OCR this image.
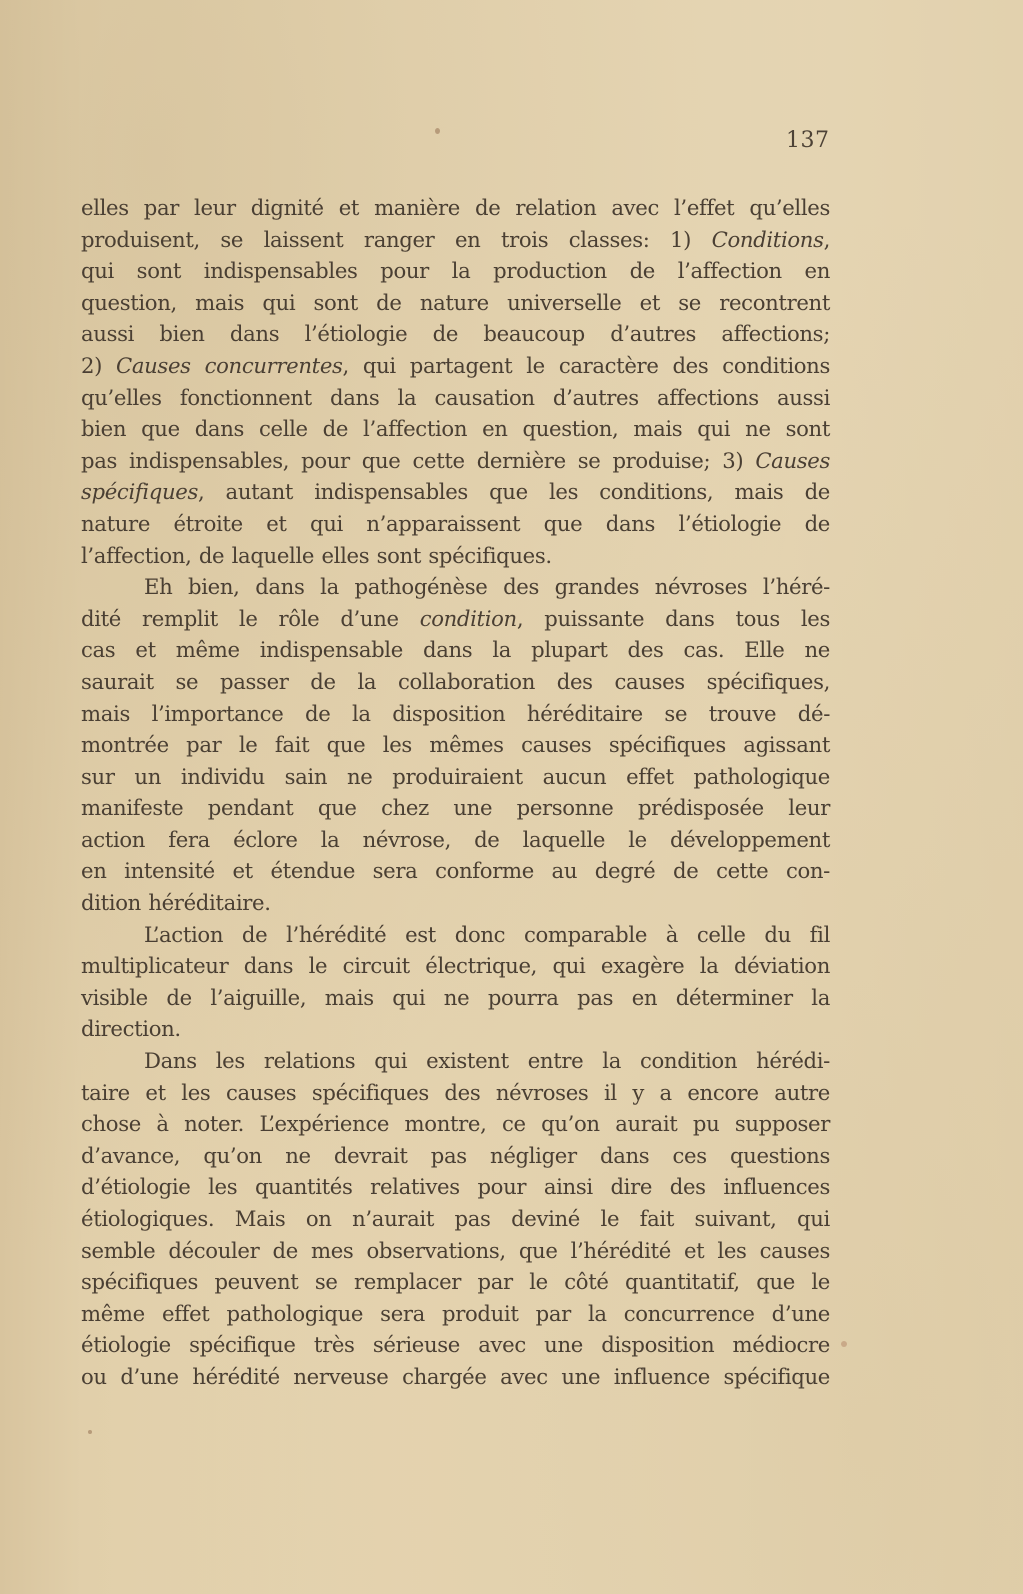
137
elles par leur dignité et manière de relation avec l’effet qu’elles
produisent, se laissent ranger en trois classes: 1) Conditions,
qui sont indispensables pour la production de l’affection en
question, mais qui sont de nature universelle et se recontrent
aussi bien dans l’étiologie de beaucoup d’autres affections;
2) Causes concurrentes, qui partagent le caractère des conditions
qu’elles fonctionnent dans la causation d’autres affections aussi
bien que dans celle de l’affection en question, mais qui ne sont
pas indispensables, pour que cette dernière se produise; 3) Causes
spécifiques, autant indispensables que les conditions, mais de
nature étroite et qui n’apparaissent que dans l’étiologie de
l’affection, de laquelle elles sont spécifiques.
Eh bien, dans la pathogénèse des grandes névroses l’héré-
dité remplit le rôle d’une condition, puissante dans tous les
cas et même indispensable dans la plupart des cas. Elle ne
saurait se passer de la collaboration des causes spécifiques,
mais l’importance de la disposition héréditaire se trouve dé-
montrée par le fait que les mêmes causes spécifiques agissant
sur un individu sain ne produiraient aucun effet pathologique
manifeste pendant que chez une personne prédisposée leur
action fera éclore la névrose, de laquelle le développement
en intensité et étendue sera conforme au degré de cette con-
dition héréditaire.
L’action de l’hérédité est donc comparable à celle du fil
multiplicateur dans le circuit électrique, qui exagère la déviation
visible de l’aiguille, mais qui ne pourra pas en déterminer la
direction.
Dans les relations qui existent entre la condition hérédi-
taire et les causes spécifiques des névroses il y a encore autre
chose à noter. L’expérience montre, ce qu’on aurait pu supposer
d’avance, qu’on ne devrait pas négliger dans ces questions
d’étiologie les quantités relatives pour ainsi dire des influences
étiologiques. Mais on n’aurait pas deviné le fait suivant, qui
semble découler de mes observations, que l’hérédité et les causes
spécifiques peuvent se remplacer par le côté quantitatif, que le
même effet pathologique sera produit par la concurrence d’une
étiologie spécifique très sérieuse avec une disposition médiocre
ou d’une hérédité nerveuse chargée avec une influence spécifique
